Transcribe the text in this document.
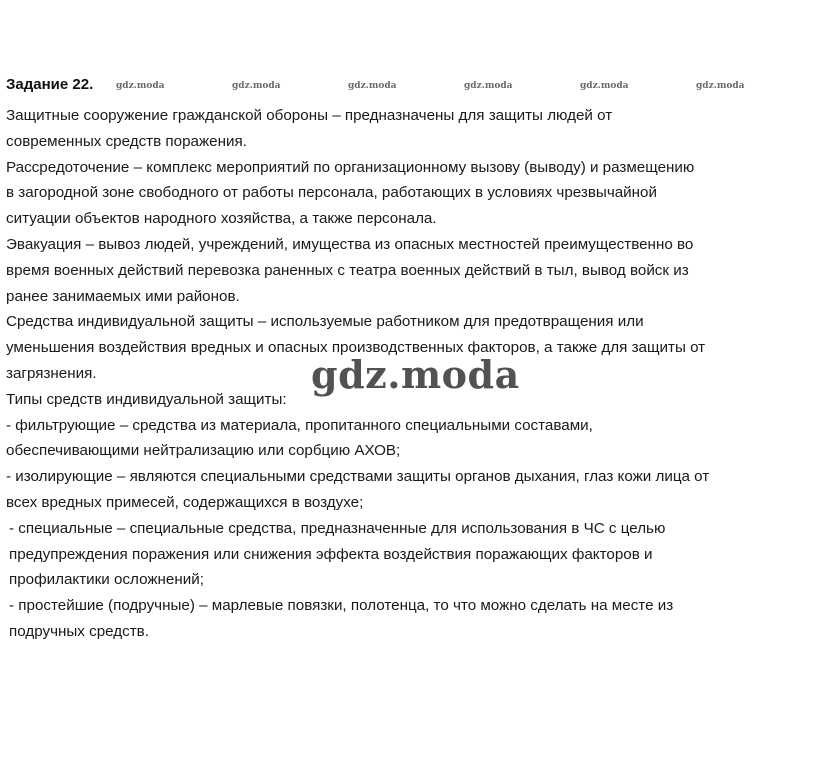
Задание 22.	gdz.moda	gdz.moda	gdz.moda	gdz.moda	gdz.moda	gdz.moda
Защитные сооружение гражданской обороны – предназначены для защиты людей от
современных средств поражения.
Рассредоточение – комплекс мероприятий по организационному вызову (выводу) и размещению
в загородной зоне свободного от работы персонала, работающих в условиях чрезвычайной
ситуации объектов народного хозяйства, а также персонала.
Эвакуация – вывоз людей, учреждений, имущества из опасных местностей преимущественно во
время военных действий перевозка раненных с театра военных действий в тыл, вывод войск из
ранее занимаемых ими районов.
Средства индивидуальной защиты – используемые работником для предотвращения или
уменьшения воздействия вредных и опасных производственных факторов, а также для защиты от
загрязнения.
Типы средств индивидуальной защиты:
- фильтрующие – средства из материала, пропитанного специальными составами,
обеспечивающими нейтрализацию или сорбцию АХОВ;
- изолирующие – являются специальными средствами защиты органов дыхания, глаз кожи лица от
всех вредных примесей, содержащихся в воздухе;
- специальные – специальные средства, предназначенные для использования в ЧС с целью
предупреждения поражения или снижения эффекта воздействия поражающих факторов и
профилактики осложнений;
- простейшие (подручные) – марлевые повязки, полотенца, то что можно сделать на месте из
подручных средств.
gdz.moda
